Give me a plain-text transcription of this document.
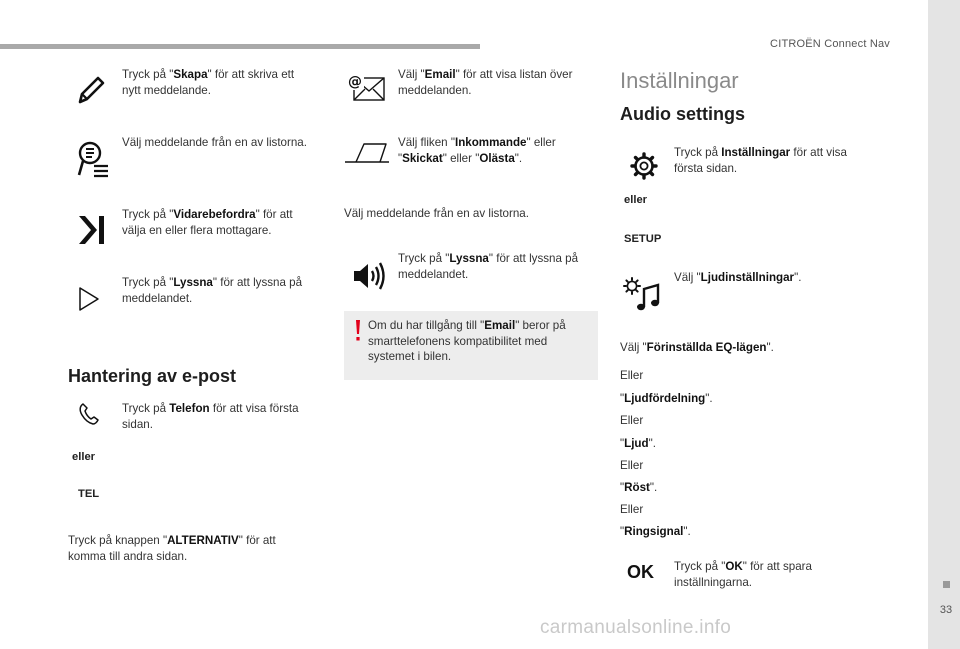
CITROËN Connect Nav
Tryck på "Skapa" för att skriva ett nytt meddelande.
Välj meddelande från en av listorna.
Tryck på "Vidarebefordra" för att välja en eller flera mottagare.
Tryck på "Lyssna" för att lyssna på meddelandet.
Hantering av e-post
Tryck på Telefon för att visa första sidan.
eller
TEL
Tryck på knappen "ALTERNATIV" för att komma till andra sidan.
@	Välj "Email" för att visa listan över meddelanden.
Välj fliken "Inkommande" eller "Skickat" eller "Olästa".
Välj meddelande från en av listorna.
Tryck på "Lyssna" för att lyssna på meddelandet.
Om du har tillgång till "Email" beror på smarttelefonens kompatibilitet med systemet i bilen.
Inställningar
Audio settings
Tryck på Inställningar för att visa första sidan.
eller
SETUP
Välj "Ljudinställningar".
Välj "Förinställda EQ-lägen".
Eller
"Ljudfördelning".
Eller
"Ljud".
Eller
"Röst".
Eller
"Ringsignal".
OK Tryck på "OK" för att spara inställningarna.
33
carmanualsonline.info
